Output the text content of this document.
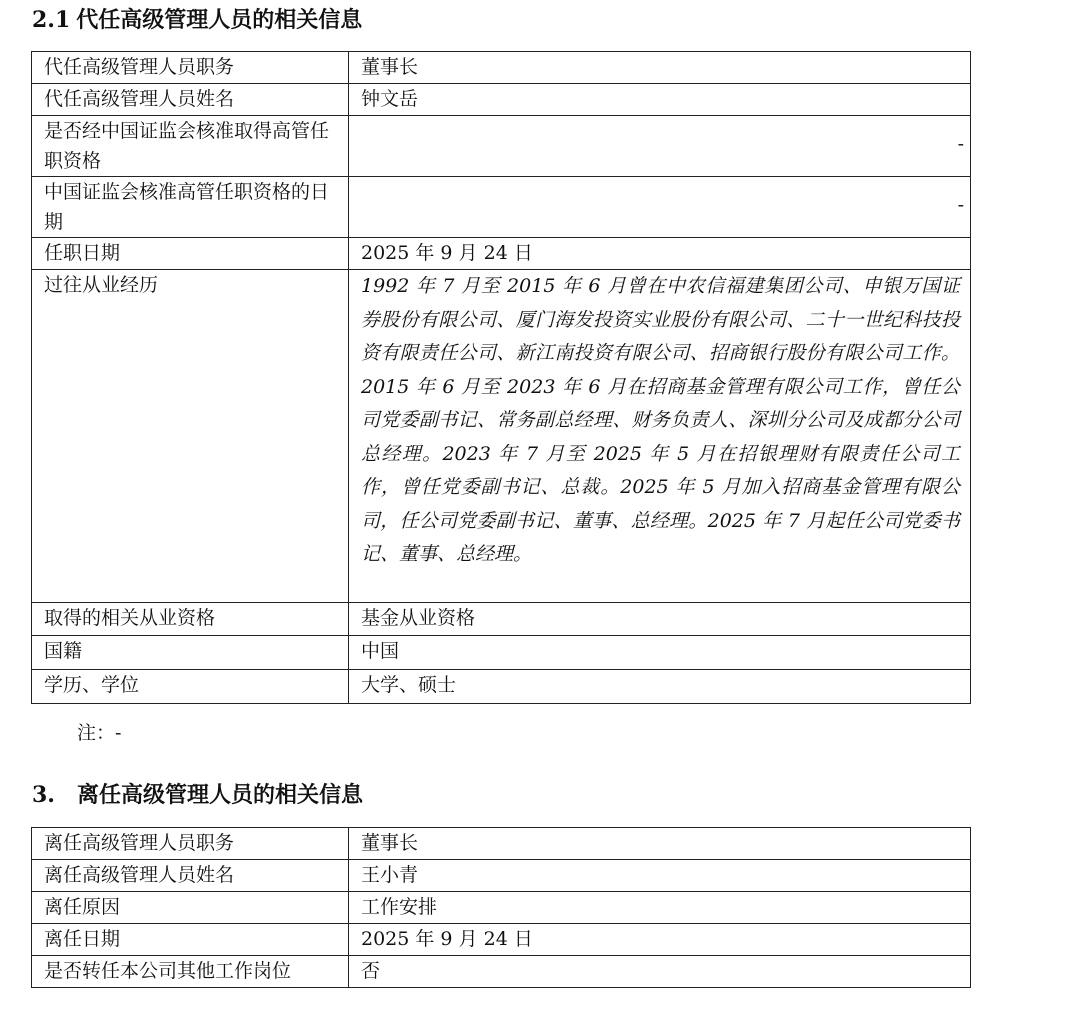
2.1 代任高级管理人员的相关信息
代任高级管理人员职务	董事长
代任高级管理人员姓名	钟文岳
是否经中国证监会核准取得高管任职资格	-

中国证监会核准高管任职资格的日期	-

任职日期	2025 年 9 月 24 日
过往从业经历	1992 年 7 月至 2015 年 6 月曾在中农信福建集团公司、申银万国证券股份有限公司、厦门海发投资实业股份有限公司、二十一世纪科技投资有限责任公司、新江南投资有限公司、招商银行股份有限公司工作。2015 年 6 月至 2023 年 6 月在招商基金管理有限公司工作，曾任公司党委副书记、常务副总经理、财务负责人、深圳分公司及成都分公司总经理。2023 年 7 月至 2025 年 5 月在招银理财有限责任公司工作，曾任党委副书记、总裁。2025 年 5 月加入招商基金管理有限公司，任公司党委副书记、董事、总经理。2025 年 7 月起任公司党委书记、董事、总经理。
取得的相关从业资格	基金从业资格
国籍	中国
学历、学位	大学、硕士
注：-
3. 离任高级管理人员的相关信息
离任高级管理人员职务	董事长
离任高级管理人员姓名	王小青
离任原因	工作安排
离任日期	2025 年 9 月 24 日
是否转任本公司其他工作岗位	否
